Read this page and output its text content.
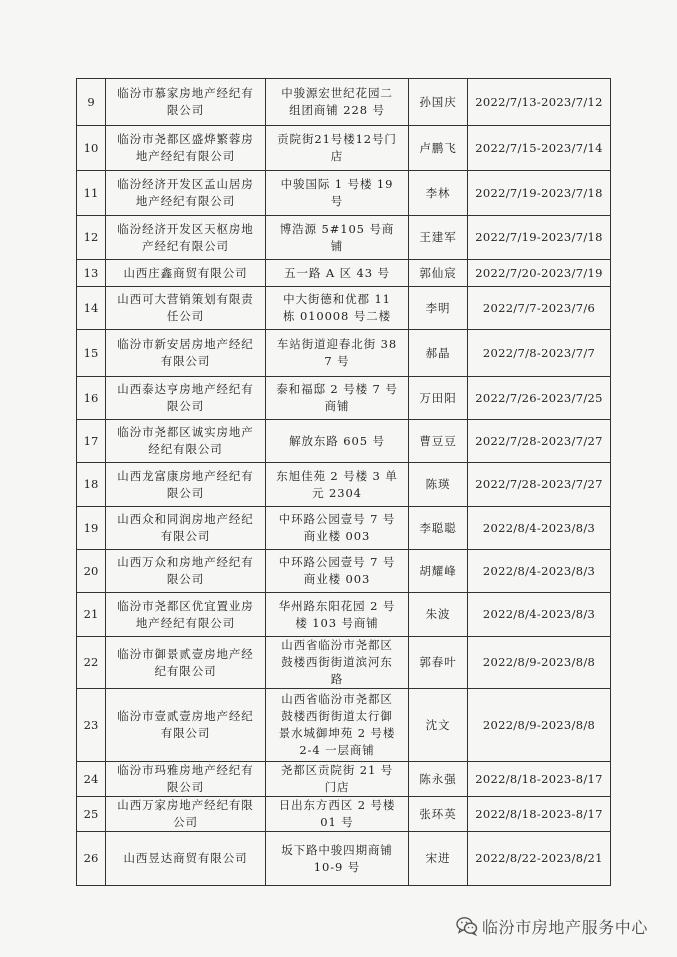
9	临汾市慕家房地产经纪有限公司	中骏源宏世纪花园二组团商铺 228 号	孙国庆	2022/7/13-2023/7/12
10	临汾市尧都区盛烨繁蓉房地产经纪有限公司	贡院街21号楼12号门店	卢鹏飞	2022/7/15-2023/7/14
11	临汾经济开发区孟山居房地产经纪有限公司	中骏国际 1 号楼 19 号	李林	2022/7/19-2023/7/18
12	临汾经济开发区天枢房地产经纪有限公司	博浩源 5#105 号商铺	王建军	2022/7/19-2023/7/18
13	山西庄鑫商贸有限公司	五一路 A 区 43 号	郭仙宸	2022/7/20-2023/7/19
14	山西可大营销策划有限责任公司	中大街德和优郡 11 栋 010008 号二楼	李明	2022/7/7-2023/7/6
15	临汾市新安居房地产经纪有限公司	车站街道迎春北街 387 号	郝晶	2022/7/8-2023/7/7
16	山西泰达亨房地产经纪有限公司	泰和福邸 2 号楼 7 号商铺	万田阳	2022/7/26-2023/7/25
17	临汾市尧都区诚实房地产经纪有限公司	解放东路 605 号	曹豆豆	2022/7/28-2023/7/27
18	山西龙富康房地产经纪有限公司	东旭佳苑 2 号楼 3 单元 2304	陈瑛	2022/7/28-2023/7/27
19	山西众和同润房地产经纪有限公司	中环路公园壹号 7 号商业楼 003	李聪聪	2022/8/4-2023/8/3
20	山西万众和房地产经纪有限公司	中环路公园壹号 7 号商业楼 003	胡耀峰	2022/8/4-2023/8/3
21	临汾市尧都区优宜置业房地产经纪有限公司	华州路东阳花园 2 号楼 103 号商铺	朱波	2022/8/4-2023/8/3
22	临汾市御景贰壹房地产经纪有限公司	山西省临汾市尧都区鼓楼西街街道滨河东路	郭春叶	2022/8/9-2023/8/8
23	临汾市壹贰壹房地产经纪有限公司	山西省临汾市尧都区鼓楼西街街道太行御景水城御坤苑 2 号楼 2-4 一层商铺	沈文	2022/8/9-2023/8/8
24	临汾市玛雅房地产经纪有限公司	尧都区贡院街 21 号门店	陈永强	2022/8/18-2023-8/17
25	山西万家房地产经纪有限公司	日出东方西区 2 号楼 01 号	张环英	2022/8/18-2023-8/17
26	山西昱达商贸有限公司	坂下路中骏四期商铺 10-9 号	宋进	2022/8/22-2023/8/21
临汾市房地产服务中心
